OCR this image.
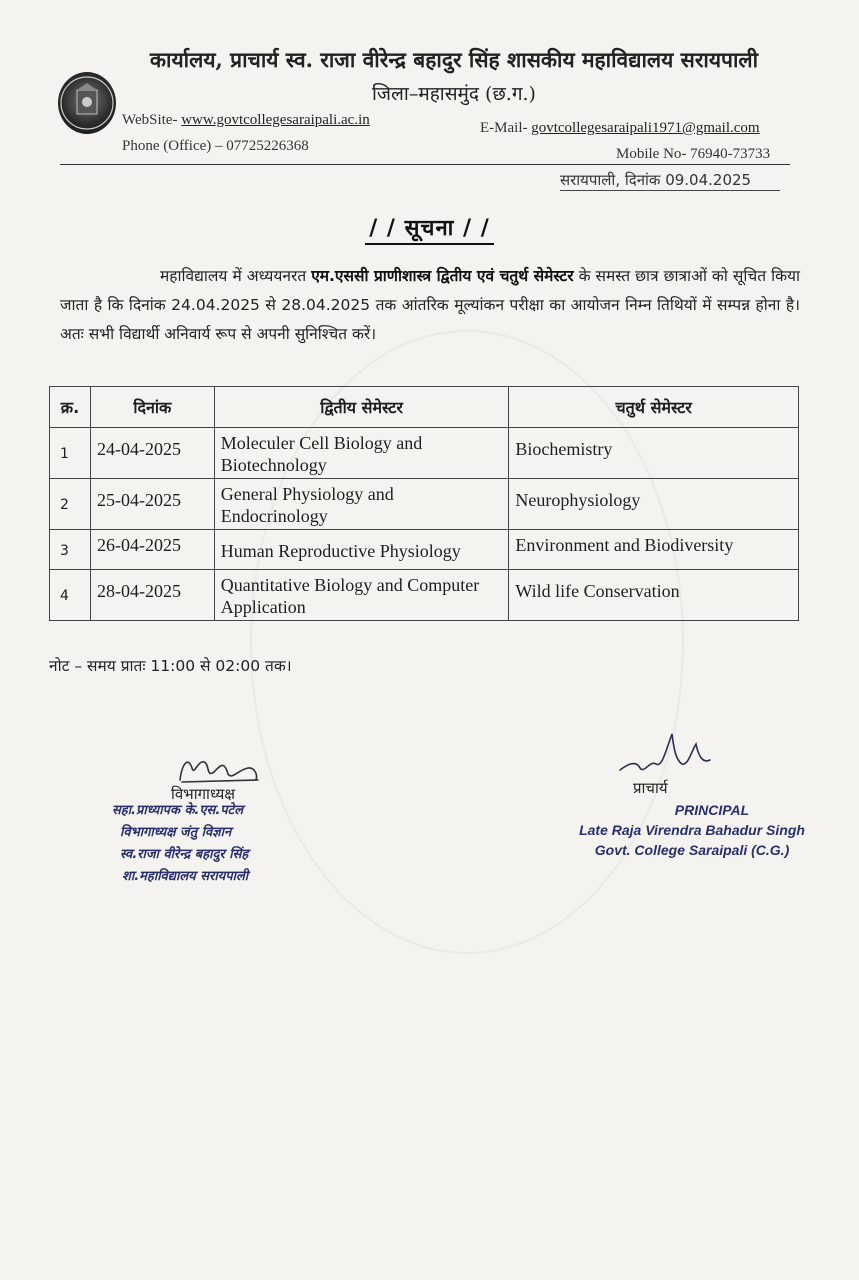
कार्यालय, प्राचार्य स्व. राजा वीरेन्द्र बहादुर सिंह शासकीय महाविद्यालय सरायपाली
जिला–महासमुंद (छ.ग.)
WebSite- www.govtcollegesaraipali.ac.in	E-Mail- govtcollegesaraipali1971@gmail.com
Phone (Office) – 07725226368	Mobile No- 76940-73733
सरायपाली, दिनांक 09.04.2025
/ / सूचना / /
महाविद्यालय में अध्ययनरत एम.एससी प्राणीशास्त्र द्वितीय एवं चतुर्थ सेमेस्टर के समस्त छात्र छात्राओं को सूचित किया जाता है कि दिनांक 24.04.2025 से 28.04.2025 तक आंतरिक मूल्यांकन परीक्षा का आयोजन निम्न तिथियों में सम्पन्न होना है। अतः सभी विद्यार्थी अनिवार्य रूप से अपनी सुनिश्चित करें।
क्र.	दिनांक	द्वितीय सेमेस्टर	चतुर्थ सेमेस्टर
1	24-04-2025	Moleculer Cell Biology and Biotechnology	Biochemistry
2	25-04-2025	General Physiology and Endocrinology	Neurophysiology
3	26-04-2025	Human Reproductive Physiology	Environment and Biodiversity
4	28-04-2025	Quantitative Biology and Computer Application	Wild life Conservation
नोट – समय प्रातः 11:00 से 02:00 तक।
विभागाध्यक्ष
सहा.प्राध्यापक के.एस.पटेल
विभागाध्यक्ष जंतु विज्ञान
स्व.राजा वीरेन्द्र बहादुर सिंह
शा.महाविद्यालय सरायपाली
प्राचार्य
PRINCIPAL
Late Raja Virendra Bahadur Singh
Govt. College Saraipali (C.G.)
